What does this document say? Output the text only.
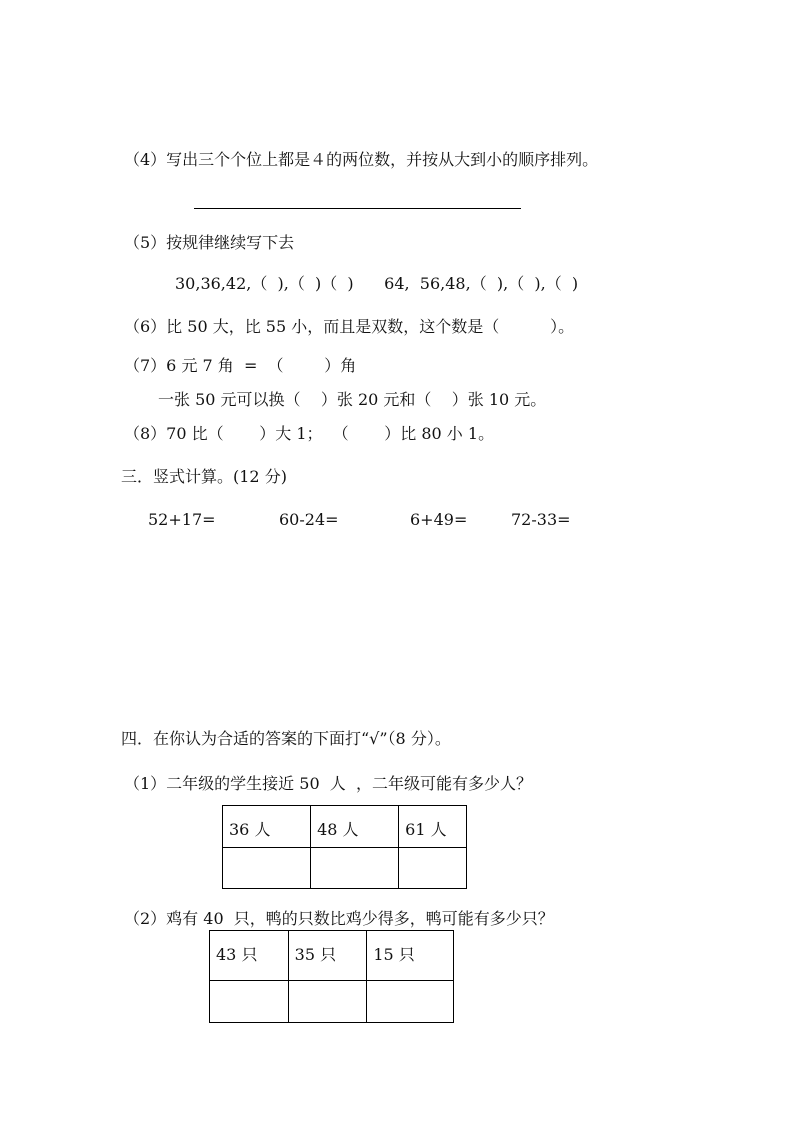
（4）写出三个个位上都是４的两位数，并按从大到小的顺序排列。
（5）按规律继续写下去
30,36,42,（  ),（  )（  )      64,  56,48,（  ),（  ),（  )
（6）比 50 大，比 55 小，而且是双数，这个数是（          ）。
（7）6 元 7 角  =  （        ）角
一张 50 元可以换（    ）张 20 元和（    ）张 10 元。
（8）70 比（       ）大 1；  （       ）比 80 小 1。
三．竖式计算。(12 分)
52+17=	60-24=	6+49=	72-33=
四．在你认为合适的答案的下面打“√”（8 分）。
（1）二年级的学生接近 50  人  ，二年级可能有多少人？
36 人	48 人	61 人

（2）鸡有 40  只，鸭的只数比鸡少得多，鸭可能有多少只？
43 只	35 只	15 只
